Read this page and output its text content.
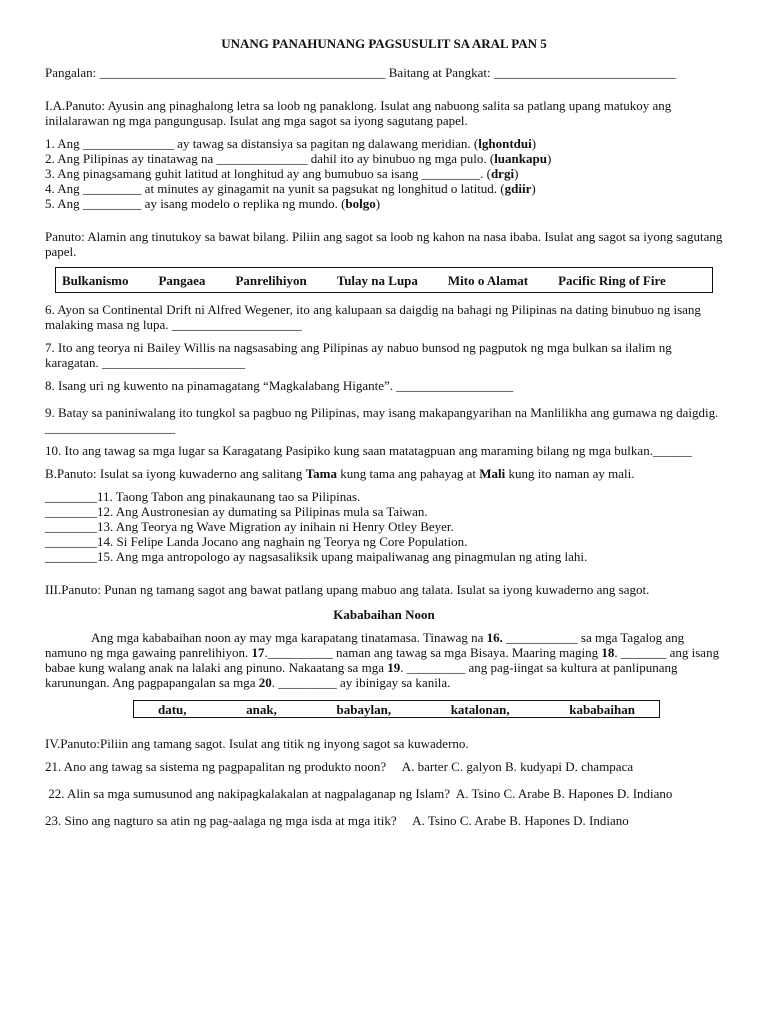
UNANG PANAHUNANG PAGSUSULIT SA ARAL PAN 5

Pangalan: ____________________________________________ Baitang at Pangkat: ____________________________

I.A.Panuto: Ayusin ang pinaghalong letra sa loob ng panaklong. Isulat ang nabuong salita sa patlang upang matukoy ang inilalarawan ng mga pangungusap. Isulat ang mga sagot sa iyong sagutang papel.

1. Ang ______________ ay tawag sa distansiya sa pagitan ng dalawang meridian. (lghontdui)

2. Ang Pilipinas ay tinatawag na ______________ dahil ito ay binubuo ng mga pulo. (luankapu)

3. Ang pinagsamang guhit latitud at longhitud ay ang bumubuo sa isang _________. (drgi)

4. Ang _________ at minutes ay ginagamit na yunit sa pagsukat ng longhitud o latitud. (gdiir)

5. Ang _________ ay isang modelo o replika ng mundo. (bolgo)

Panuto: Alamin ang tinutukoy sa bawat bilang. Piliin ang sagot sa loob ng kahon na nasa ibaba. Isulat ang sagot sa iyong sagutang papel.

Bulkanismo Pangaea Panrelihiyon Tulay na Lupa Mito o Alamat Pacific Ring of Fire

6. Ayon sa Continental Drift ni Alfred Wegener, ito ang kalupaan sa daigdig na bahagi ng Pilipinas na dating binubuo ng isang malaking masa ng lupa. ____________________

7. Ito ang teorya ni Bailey Willis na nagsasabing ang Pilipinas ay nabuo bunsod ng pagputok ng mga bulkan sa ilalim ng karagatan. ______________________

8. Isang uri ng kuwento na pinamagatang “Magkalabang Higante”. __________________

9. Batay sa paniniwalang ito tungkol sa pagbuo ng Pilipinas, may isang makapangyarihan na Manlilikha ang gumawa ng daigdig. ____________________

10. Ito ang tawag sa mga lugar sa Karagatang Pasipiko kung saan matatagpuan ang maraming bilang ng mga bulkan.______

B.Panuto: Isulat sa iyong kuwaderno ang salitang Tama kung tama ang pahayag at Mali kung ito naman ay mali.

________11. Taong Tabon ang pinakaunang tao sa Pilipinas.

________12. Ang Austronesian ay dumating sa Pilipinas mula sa Taiwan.

________13. Ang Teorya ng Wave Migration ay inihain ni Henry Otley Beyer.

________14. Si Felipe Landa Jocano ang naghain ng Teorya ng Core Population.

________15. Ang mga antropologo ay nagsasaliksik upang maipaliwanag ang pinagmulan ng ating lahi.

III.Panuto: Punan ng tamang sagot ang bawat patlang upang mabuo ang talata. Isulat sa iyong kuwaderno ang sagot.

Kababaihan Noon

Ang mga kababaihan noon ay may mga karapatang tinatamasa. Tinawag na 16. ___________ sa mga Tagalog ang namuno ng mga gawaing panrelihiyon. 17.__________ naman ang tawag sa mga Bisaya. Maaring maging 18. _______ ang isang babae kung walang anak na lalaki ang pinuno. Nakaatang sa mga 19. _________ ang pag-iingat sa kultura at panlipunang karunungan. Ang pagpapangalan sa mga 20. _________ ay ibinigay sa kanila.

datu,	anak,	babaylan,	katalonan,	kababaihan

IV.Panuto:Piliin ang tamang sagot. Isulat ang titik ng inyong sagot sa kuwaderno.

21. Ano ang tawag sa sistema ng pagpapalitan ng produkto noon?     A. barter C. galyon B. kudyapi D. champaca

22. Alin sa mga sumusunod ang nakipagkalakalan at nagpalaganap ng Islam?  A. Tsino C. Arabe B. Hapones D. Indiano

23. Sino ang nagturo sa atin ng pag-aalaga ng mga isda at mga itik?     A. Tsino C. Arabe B. Hapones D. Indiano
